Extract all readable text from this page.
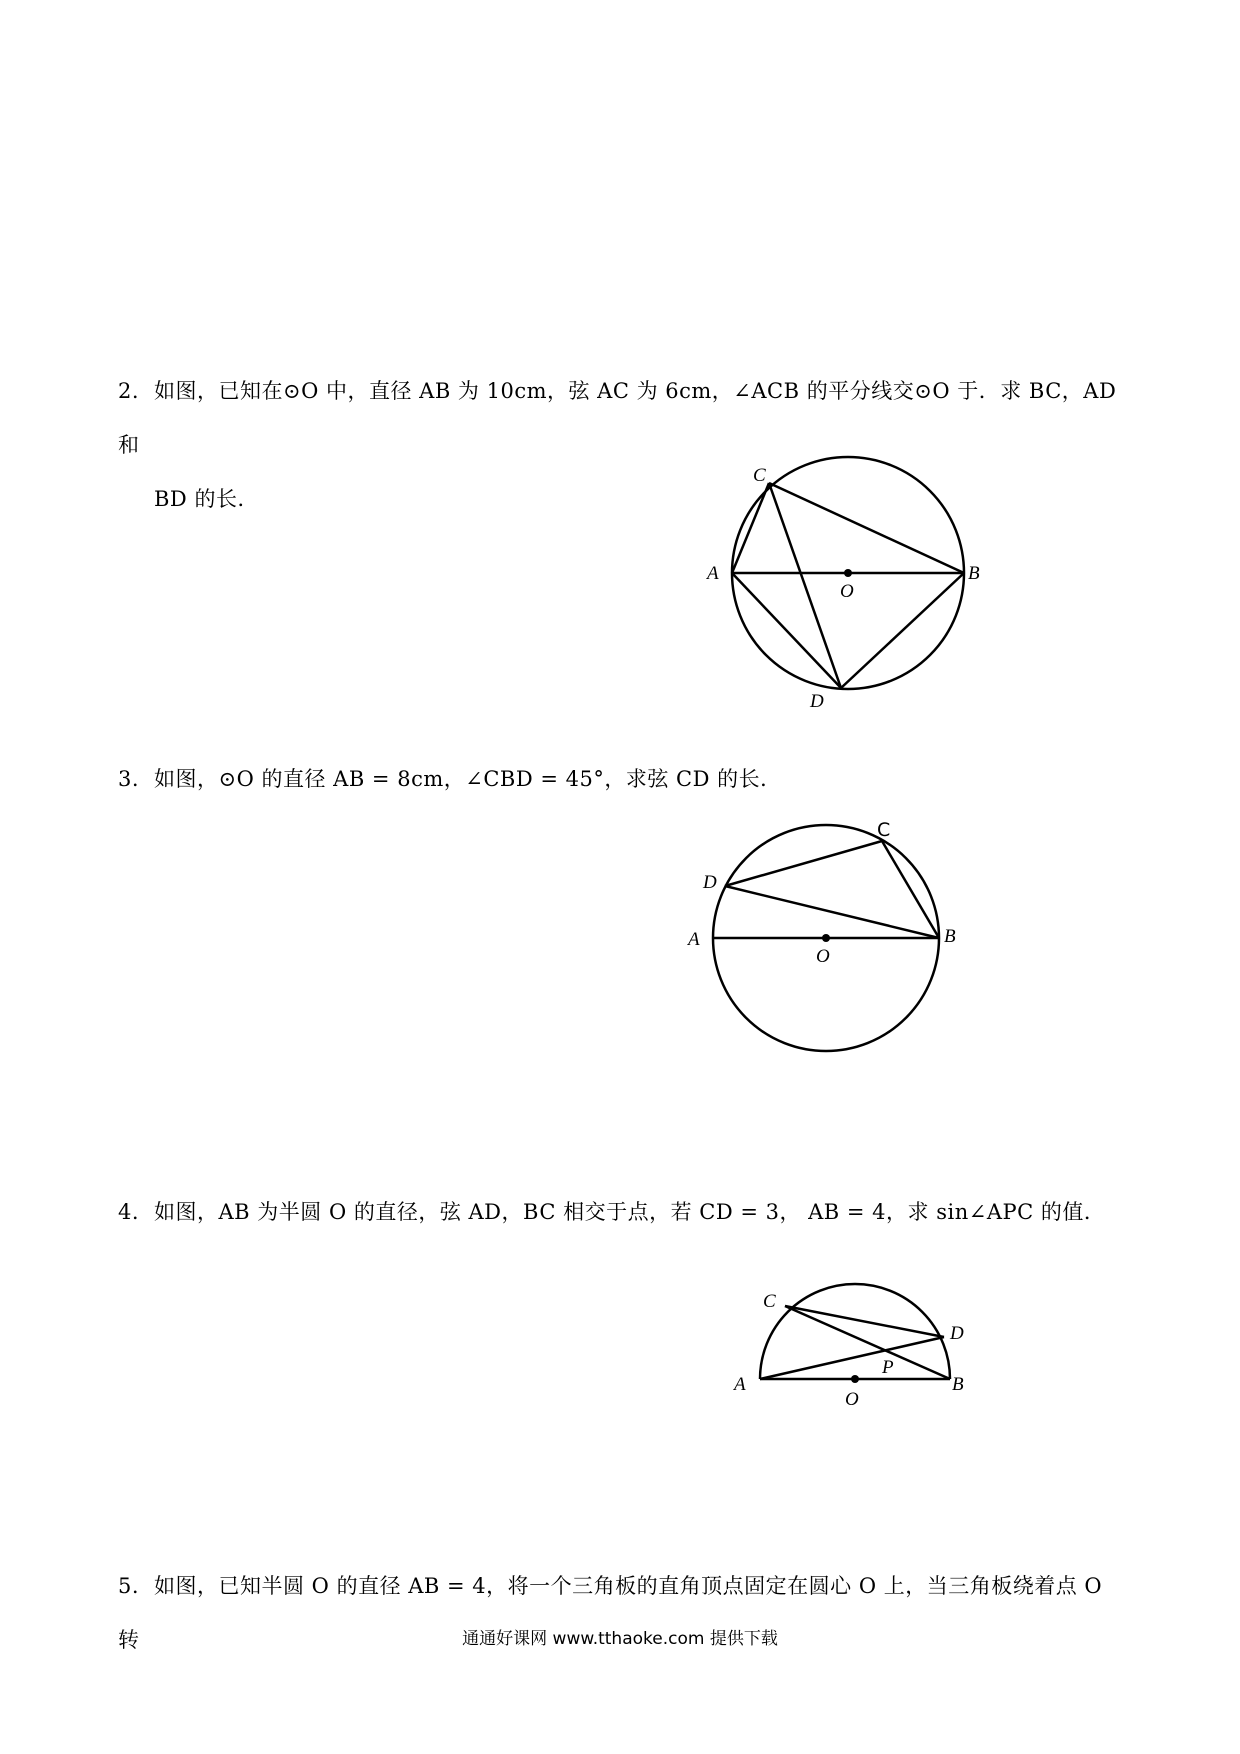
2. 如图，已知在⊙O 中，直径 AB 为 10cm，弦 AC 为 6cm，∠ACB 的平分线交⊙O 于．求 BC，AD 和
BD 的长．
C
A	B
O
D
3. 如图，⊙O 的直径 AB = 8cm，∠CBD = 45°，求弦 CD 的长．
C
D
A	B
O
4. 如图，AB 为半圆 O 的直径，弦 AD，BC 相交于点，若 CD = 3， AB = 4，求 sin∠APC 的值．
C
D
P
A
O
B
5. 如图，已知半圆 O 的直径 AB = 4，将一个三角板的直角顶点固定在圆心 O 上，当三角板绕着点 O 转	通通好课网 www.tthaoke.com 提供下载
